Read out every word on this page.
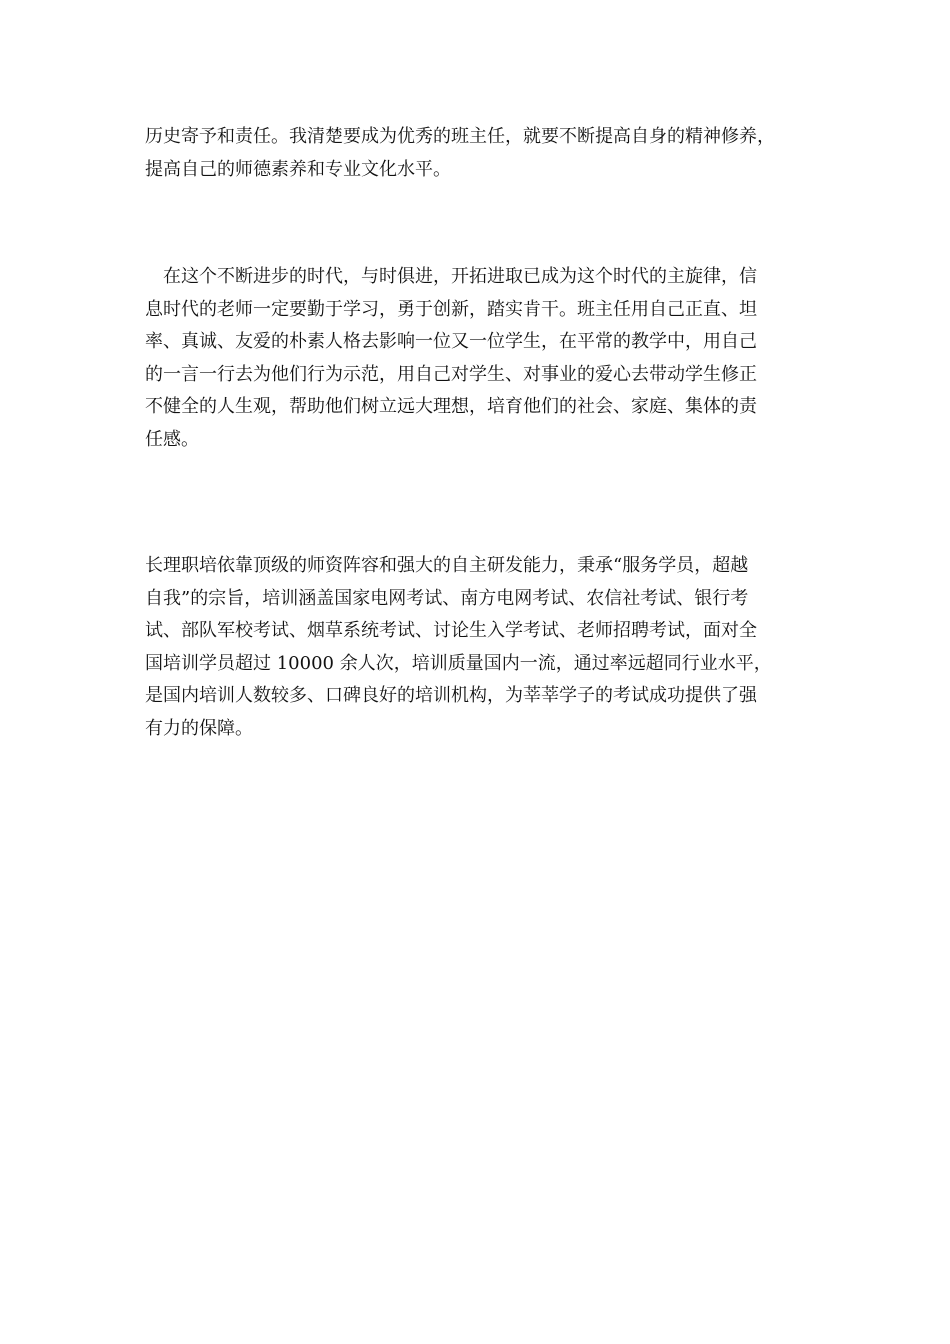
历史寄予和责任。我清楚要成为优秀的班主任，就要不断提高自身的精神修养，
提高自己的师德素养和专业文化水平。

　在这个不断进步的时代，与时俱进，开拓进取已成为这个时代的主旋律，信
息时代的老师一定要勤于学习，勇于创新，踏实肯干。班主任用自己正直、坦
率、真诚、友爱的朴素人格去影响一位又一位学生，在平常的教学中，用自己
的一言一行去为他们行为示范，用自己对学生、对事业的爱心去带动学生修正
不健全的人生观，帮助他们树立远大理想，培育他们的社会、家庭、集体的责
任感。

长理职培依靠顶级的师资阵容和强大的自主研发能力，秉承“服务学员，超越
自我”的宗旨，培训涵盖国家电网考试、南方电网考试、农信社考试、银行考
试、部队军校考试、烟草系统考试、讨论生入学考试、老师招聘考试，面对全
国培训学员超过 10000 余人次，培训质量国内一流，通过率远超同行业水平，
是国内培训人数较多、口碑良好的培训机构，为莘莘学子的考试成功提供了强
有力的保障。
